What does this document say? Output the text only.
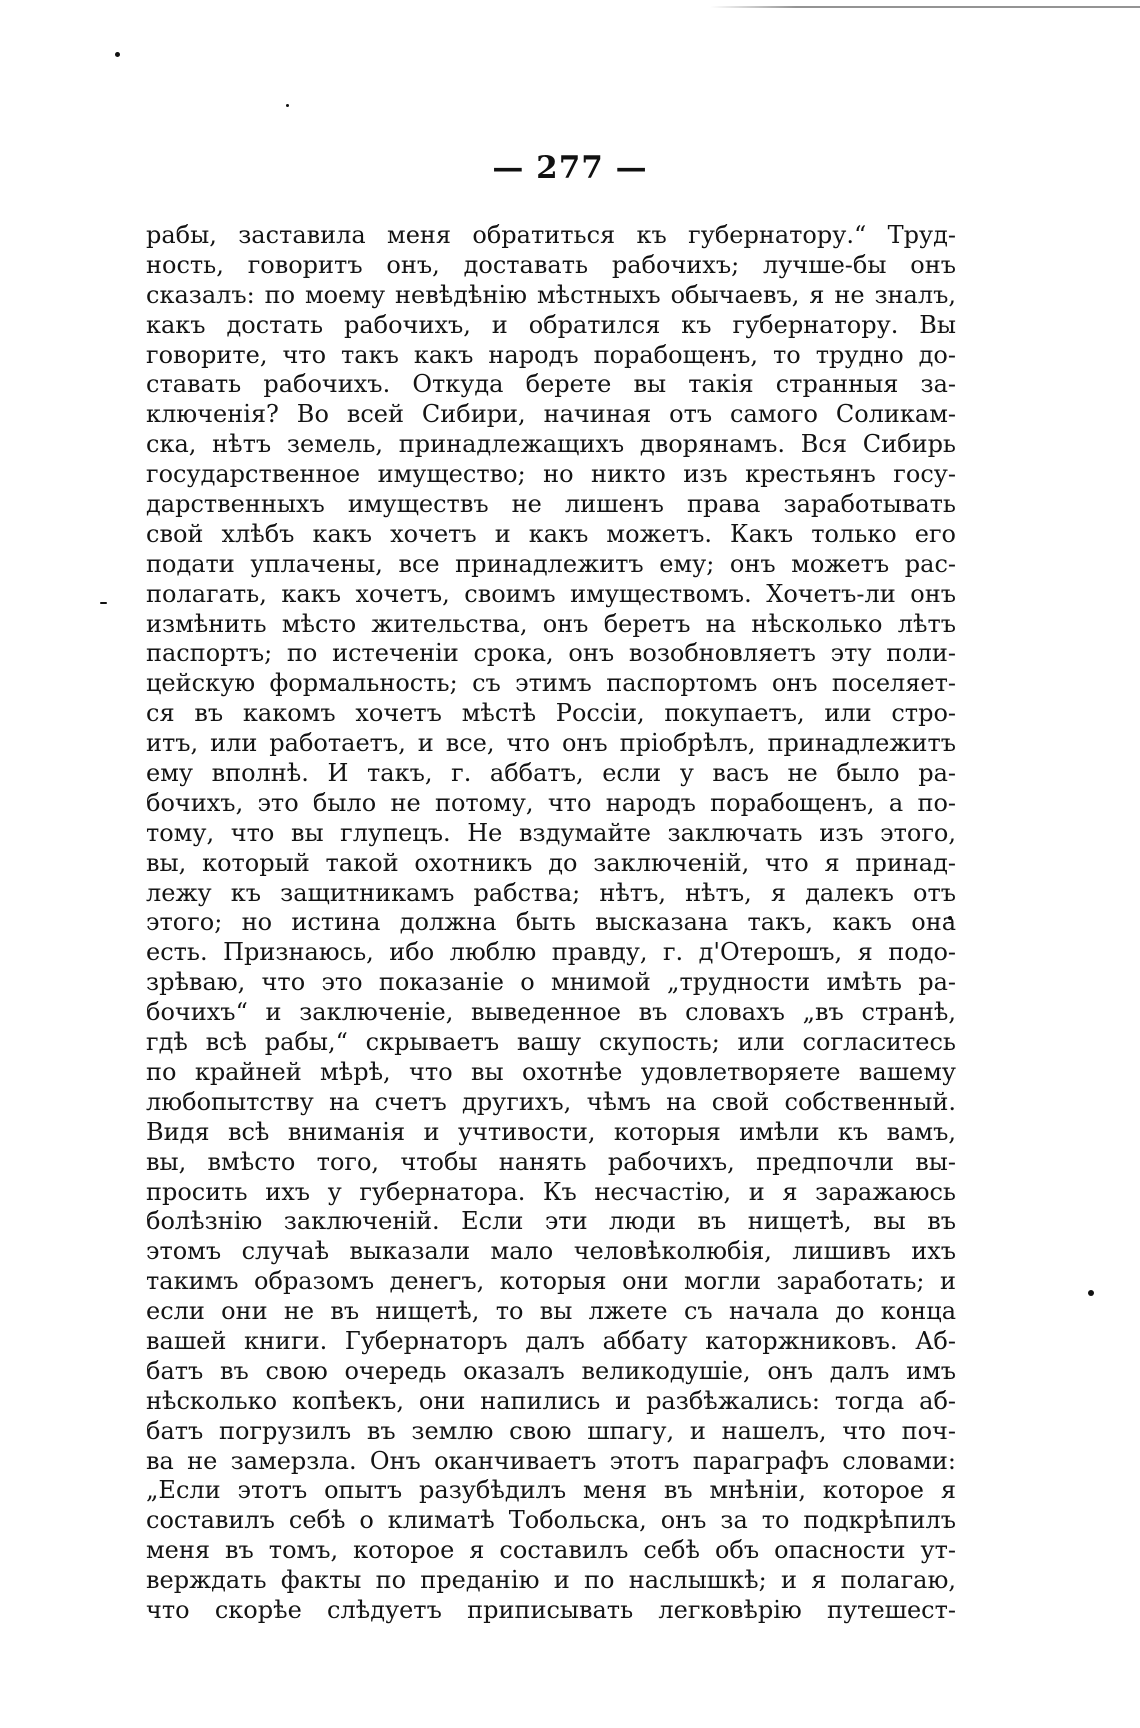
— 277 —
рабы, заставила меня обратиться къ губернатору.“ Труд-
ность, говоритъ онъ, доставать рабочихъ; лучше-бы онъ
сказалъ: по моему невѣдѣнію мѣстныхъ обычаевъ, я не зналъ,
какъ достать рабочихъ, и обратился къ губернатору. Вы
говорите, что такъ какъ народъ порабощенъ, то трудно до-
ставать рабочихъ. Откуда берете вы такія странныя за-
ключенія? Во всей Сибири, начиная отъ самого Соликам-
ска, нѣтъ земель, принадлежащихъ дворянамъ. Вся Сибирь
государственное имущество; но никто изъ крестьянъ госу-
дарственныхъ имуществъ не лишенъ права заработывать
свой хлѣбъ какъ хочетъ и какъ можетъ. Какъ только его
подати уплачены, все принадлежитъ ему; онъ можетъ рас-
полагать, какъ хочетъ, своимъ имуществомъ. Хочетъ-ли онъ
измѣнить мѣсто жительства, онъ беретъ на нѣсколько лѣтъ
паспортъ; по истеченіи срока, онъ возобновляетъ эту поли-
цейскую формальность; съ этимъ паспортомъ онъ поселяет-
ся въ какомъ хочетъ мѣстѣ Россіи, покупаетъ, или стро-
итъ, или работаетъ, и все, что онъ пріобрѣлъ, принадлежитъ
ему вполнѣ. И такъ, г. аббатъ, если у васъ не было ра-
бочихъ, это было не потому, что народъ порабощенъ, а по-
тому, что вы глупецъ. Не вздумайте заключать изъ этого,
вы, который такой охотникъ до заключеній, что я принад-
лежу къ защитникамъ рабства; нѣтъ, нѣтъ, я далекъ отъ
этого; но истина должна быть высказана такъ, какъ она
есть. Признаюсь, ибо люблю правду, г. д'Отерошъ, я подо-
зрѣваю, что это показаніе о мнимой „трудности имѣть ра-
бочихъ“ и заключеніе, выведенное въ словахъ „въ странѣ,
гдѣ всѣ рабы,“ скрываетъ вашу скупость; или согласитесь
по крайней мѣрѣ, что вы охотнѣе удовлетворяете вашему
любопытству на счетъ другихъ, чѣмъ на свой собственный.
Видя всѣ вниманія и учтивости, которыя имѣли къ вамъ,
вы, вмѣсто того, чтобы нанять рабочихъ, предпочли вы-
просить ихъ у губернатора. Къ несчастію, и я заражаюсь
болѣзнію заключеній. Если эти люди въ нищетѣ, вы въ
этомъ случаѣ выказали мало человѣколюбія, лишивъ ихъ
такимъ образомъ денегъ, которыя они могли заработать; и
если они не въ нищетѣ, то вы лжете съ начала до конца
вашей книги. Губернаторъ далъ аббату каторжниковъ. Аб-
батъ въ свою очередь оказалъ великодушіе, онъ далъ имъ
нѣсколько копѣекъ, они напились и разбѣжались: тогда аб-
батъ погрузилъ въ землю свою шпагу, и нашелъ, что поч-
ва не замерзла. Онъ оканчиваетъ этотъ параграфъ словами:
„Если этотъ опытъ разубѣдилъ меня въ мнѣніи, которое я
составилъ себѣ о климатѣ Тобольска, онъ за то подкрѣпилъ
меня въ томъ, которое я составилъ себѣ объ опасности ут-
верждать факты по преданію и по наслышкѣ; и я полагаю,
что скорѣе слѣдуетъ приписывать легковѣрію путешест-
